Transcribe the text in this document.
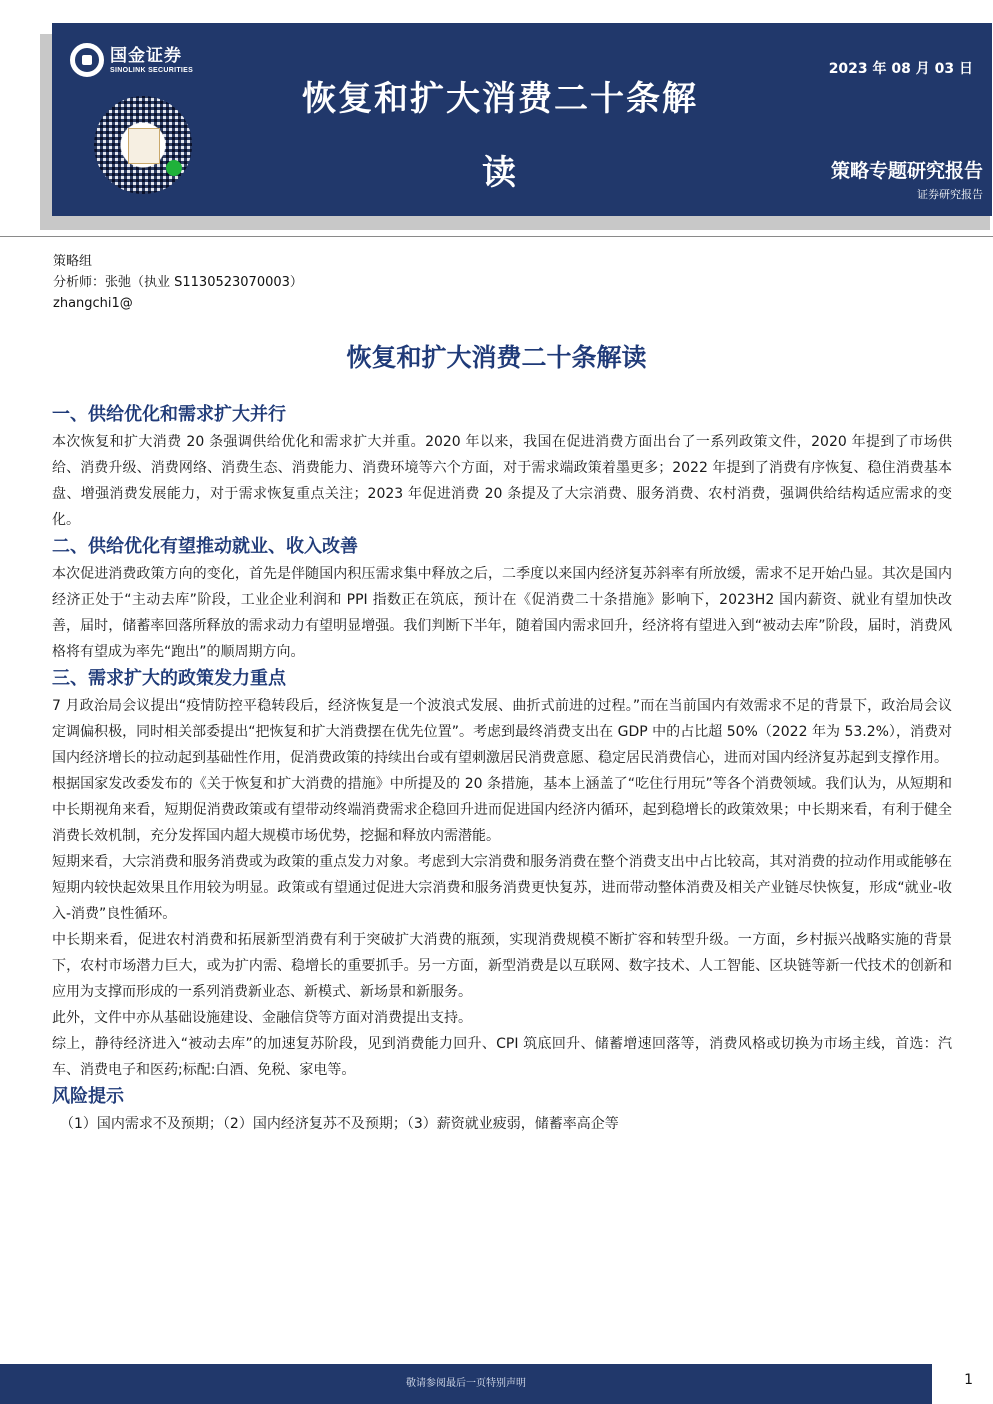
国金证券
SINOLINK SECURITIES
恢复和扩大消费二十条解读
2023 年 08 月 03 日
策略专题研究报告
证券研究报告
策略组
分析师：张弛（执业 S1130523070003）
zhangchi1@
恢复和扩大消费二十条解读
一、供给优化和需求扩大并行

本次恢复和扩大消费 20 条强调供给优化和需求扩大并重。2020 年以来，我国在促进消费方面出台了一系列政策文件，2020 年提到了市场供给、消费升级、消费网络、消费生态、消费能力、消费环境等六个方面，对于需求端政策着墨更多；2022 年提到了消费有序恢复、稳住消费基本盘、增强消费发展能力，对于需求恢复重点关注；2023 年促进消费 20 条提及了大宗消费、服务消费、农村消费，强调供给结构适应需求的变化。

二、供给优化有望推动就业、收入改善

本次促进消费政策方向的变化，首先是伴随国内积压需求集中释放之后，二季度以来国内经济复苏斜率有所放缓，需求不足开始凸显。其次是国内经济正处于“主动去库”阶段，工业企业利润和 PPI 指数正在筑底，预计在《促消费二十条措施》影响下，2023H2 国内薪资、就业有望加快改善，届时，储蓄率回落所释放的需求动力有望明显增强。我们判断下半年，随着国内需求回升，经济将有望进入到“被动去库”阶段，届时，消费风格将有望成为率先“跑出”的顺周期方向。

三、需求扩大的政策发力重点

7 月政治局会议提出“疫情防控平稳转段后，经济恢复是一个波浪式发展、曲折式前进的过程。”而在当前国内有效需求不足的背景下，政治局会议定调偏积极，同时相关部委提出“把恢复和扩大消费摆在优先位置”。考虑到最终消费支出在 GDP 中的占比超 50%（2022 年为 53.2%），消费对国内经济增长的拉动起到基础性作用，促消费政策的持续出台或有望刺激居民消费意愿、稳定居民消费信心，进而对国内经济复苏起到支撑作用。

根据国家发改委发布的《关于恢复和扩大消费的措施》中所提及的 20 条措施，基本上涵盖了“吃住行用玩”等各个消费领域。我们认为，从短期和中长期视角来看，短期促消费政策或有望带动终端消费需求企稳回升进而促进国内经济内循环，起到稳增长的政策效果；中长期来看，有利于健全消费长效机制，充分发挥国内超大规模市场优势，挖掘和释放内需潜能。

短期来看，大宗消费和服务消费或为政策的重点发力对象。考虑到大宗消费和服务消费在整个消费支出中占比较高，其对消费的拉动作用或能够在短期内较快起效果且作用较为明显。政策或有望通过促进大宗消费和服务消费更快复苏，进而带动整体消费及相关产业链尽快恢复，形成“就业-收入-消费”良性循环。

中长期来看，促进农村消费和拓展新型消费有利于突破扩大消费的瓶颈，实现消费规模不断扩容和转型升级。一方面，乡村振兴战略实施的背景下，农村市场潜力巨大，或为扩内需、稳增长的重要抓手。另一方面，新型消费是以互联网、数字技术、人工智能、区块链等新一代技术的创新和应用为支撑而形成的一系列消费新业态、新模式、新场景和新服务。

此外，文件中亦从基础设施建设、金融信贷等方面对消费提出支持。

综上，静待经济进入“被动去库”的加速复苏阶段，见到消费能力回升、CPI 筑底回升、储蓄增速回落等，消费风格或切换为市场主线，首选：汽车、消费电子和医药;标配:白酒、免税、家电等。

风险提示

（1）国内需求不及预期；（2）国内经济复苏不及预期；（3）薪资就业疲弱，储蓄率高企等

敬请参阅最后一页特别声明	1
